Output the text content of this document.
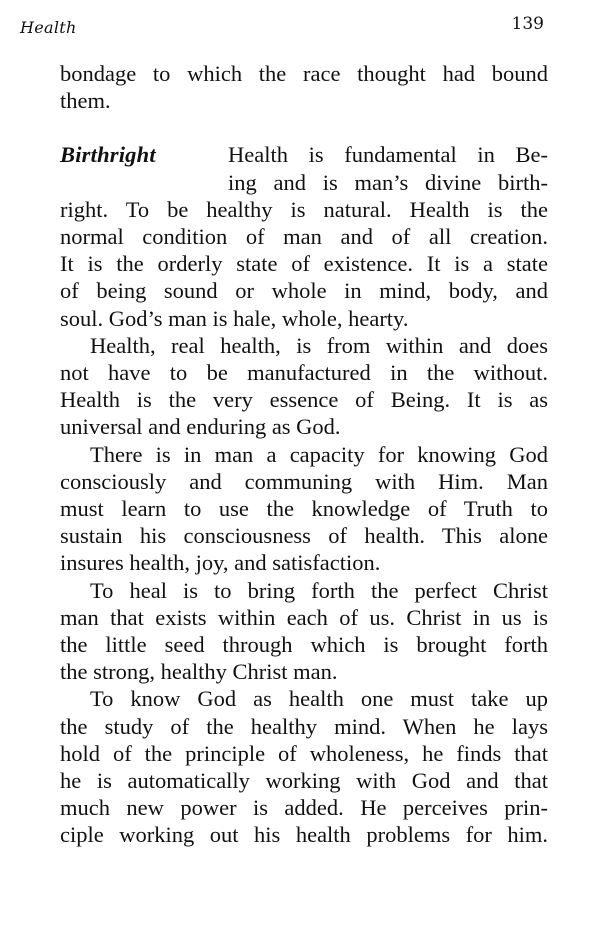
Health	139

bondage to which the race thought had bound
them.

Birthright	Health is fundamental in Be-
ing and is man’s divine birth-
right. To be healthy is natural. Health is the
normal condition of man and of all creation.
It is the orderly state of existence. It is a state
of being sound or whole in mind, body, and
soul. God’s man is hale, whole, hearty.

Health, real health, is from within and does
not have to be manufactured in the without.
Health is the very essence of Being. It is as
universal and enduring as God.

There is in man a capacity for knowing God
consciously and communing with Him. Man
must learn to use the knowledge of Truth to
sustain his consciousness of health. This alone
insures health, joy, and satisfaction.

To heal is to bring forth the perfect Christ
man that exists within each of us. Christ in us is
the little seed through which is brought forth
the strong, healthy Christ man.

To know God as health one must take up
the study of the healthy mind. When he lays
hold of the principle of wholeness, he finds that
he is automatically working with God and that
much new power is added. He perceives prin-
ciple working out his health problems for him.
